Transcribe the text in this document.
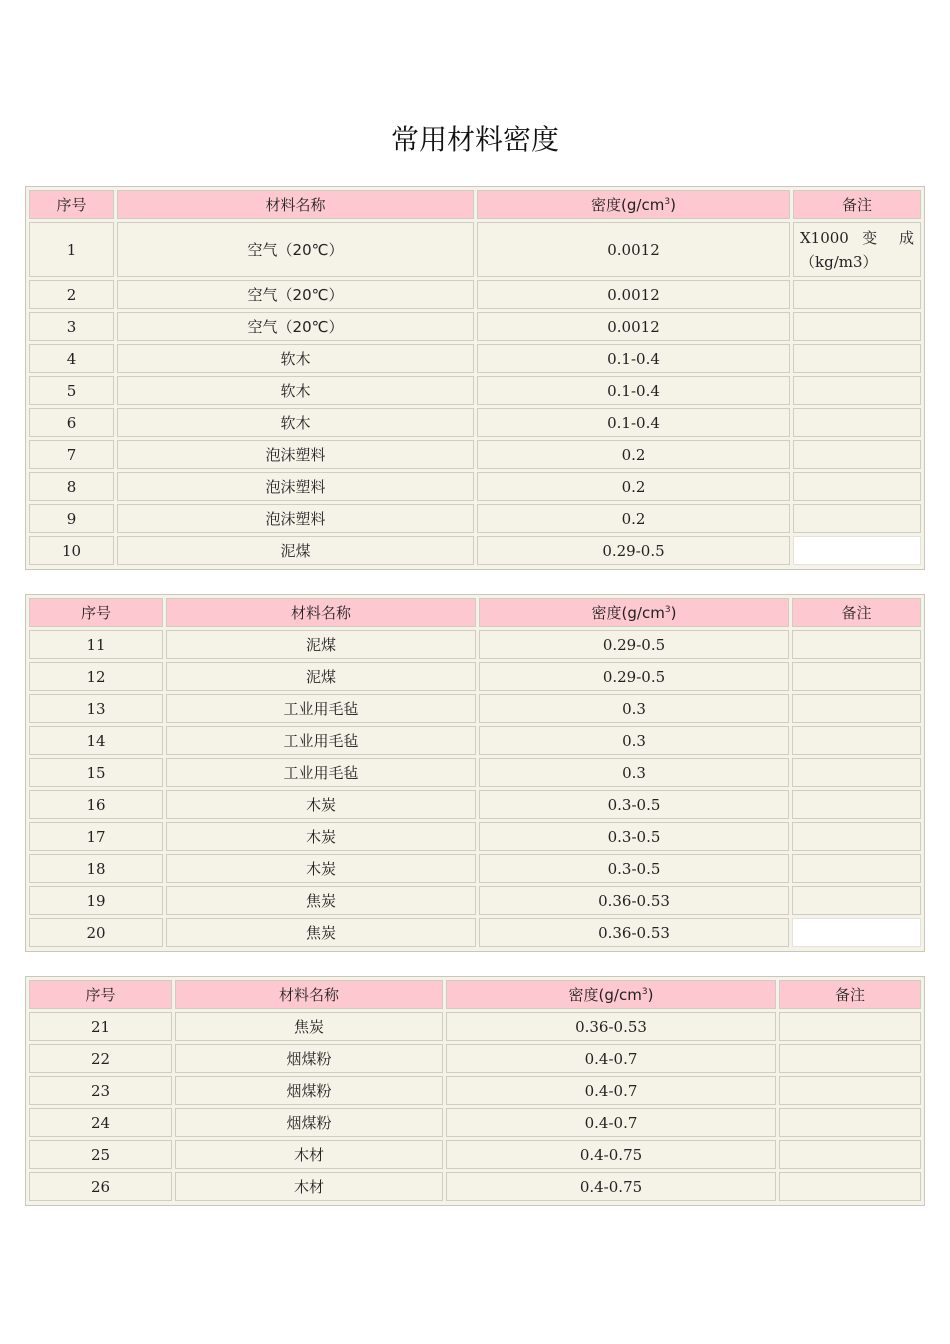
常用材料密度
序号	材料名称	密度$(g/cm^3)$	备注
1	空气（20℃）	0.0012	X1000 变 成（kg/m3）
2	空气（20℃）	0.0012	
3	空气（20℃）	0.0012	
4	软木	0.1-0.4	
5	软木	0.1-0.4	
6	软木	0.1-0.4	
7	泡沫塑料	0.2	
8	泡沫塑料	0.2	
9	泡沫塑料	0.2	
10	泥煤	0.29-0.5	
序号	材料名称	密度$(g/cm^3)$	备注
11	泥煤	0.29-0.5	
12	泥煤	0.29-0.5	
13	工业用毛毡	0.3	
14	工业用毛毡	0.3	
15	工业用毛毡	0.3	
16	木炭	0.3-0.5	
17	木炭	0.3-0.5	
18	木炭	0.3-0.5	
19	焦炭	0.36-0.53	
20	焦炭	0.36-0.53	
序号	材料名称	密度$(g/cm^3)$	备注
21	焦炭	0.36-0.53	
22	烟煤粉	0.4-0.7	
23	烟煤粉	0.4-0.7	
24	烟煤粉	0.4-0.7	
25	木材	0.4-0.75	
26	木材	0.4-0.75	
